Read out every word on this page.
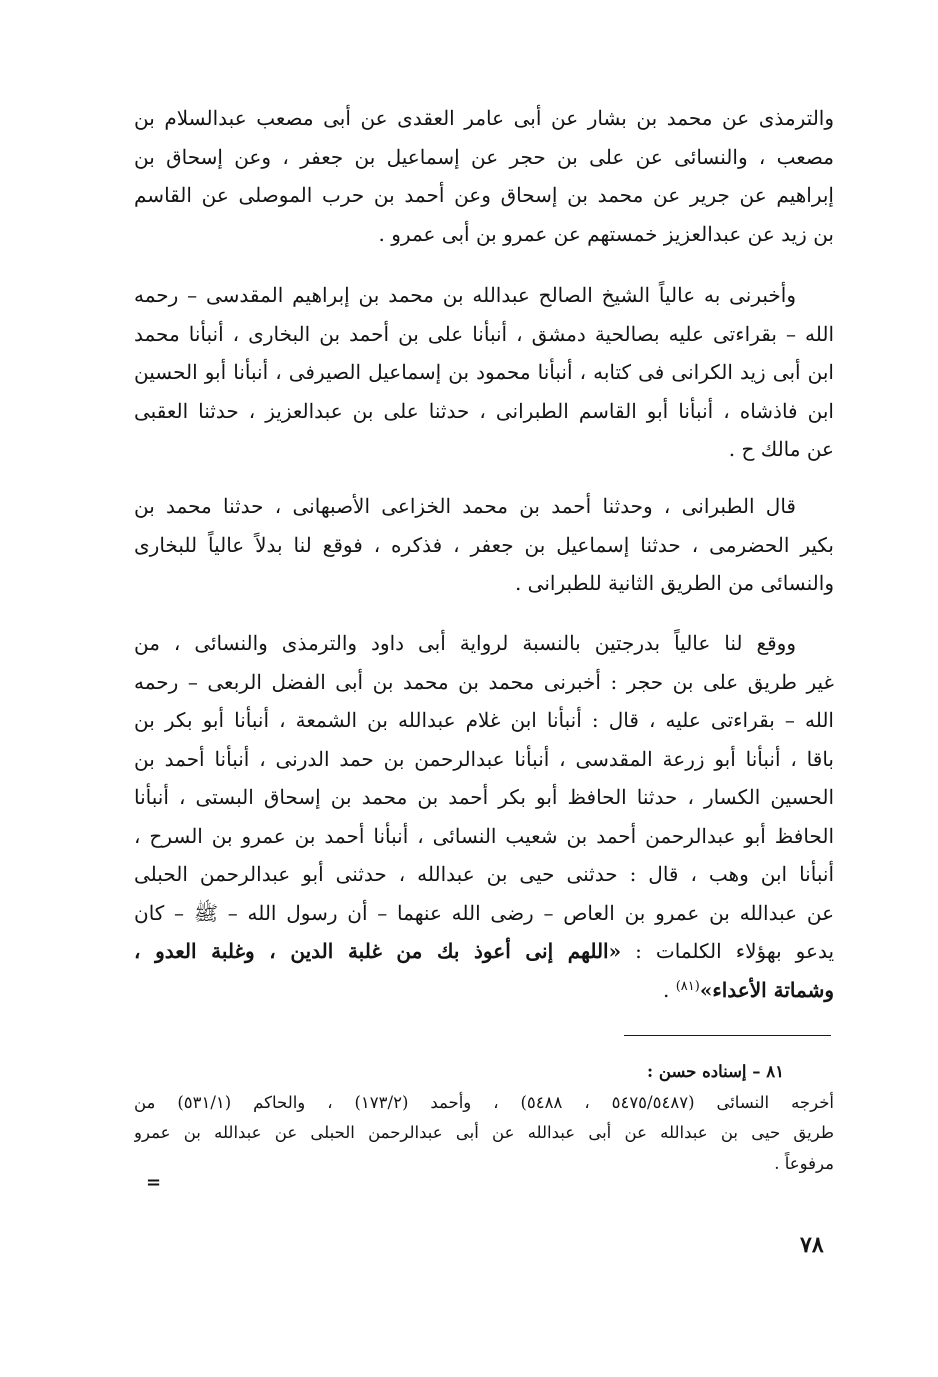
والترمذى عن محمد بن بشار عن أبى عامر العقدى عن أبى مصعب عبدالسلام بن
مصعب ، والنسائى عن على بن حجر عن إسماعيل بن جعفر ، وعن إسحاق بن
إبراهيم عن جرير عن محمد بن إسحاق وعن أحمد بن حرب الموصلى عن القاسم
بن زيد عن عبدالعزيز خمستهم عن عمرو بن أبى عمرو .
وأخبرنى به عالياً الشيخ الصالح عبدالله بن محمد بن إبراهيم المقدسى – رحمه
الله – بقراءتى عليه بصالحية دمشق ، أنبأنا على بن أحمد بن البخارى ، أنبأنا محمد
ابن أبى زيد الكرانى فى كتابه ، أنبأنا محمود بن إسماعيل الصيرفى ، أنبأنا أبو الحسين
ابن فاذشاه ، أنبأنا أبو القاسم الطبرانى ، حدثنا على بن عبدالعزيز ، حدثنا العقبى
عن مالك ح .
قال الطبرانى ، وحدثنا أحمد بن محمد الخزاعى الأصبهانى ، حدثنا محمد بن
بكير الحضرمى ، حدثنا إسماعيل بن جعفر ، فذكره ، فوقع لنا بدلاً عالياً للبخارى
والنسائى من الطريق الثانية للطبرانى .
ووقع لنا عالياً بدرجتين بالنسبة لرواية أبى داود والترمذى والنسائى ، من
غير طريق على بن حجر : أخبرنى محمد بن محمد بن أبى الفضل الربعى – رحمه
الله – بقراءتى عليه ، قال : أنبأنا ابن غلام عبدالله بن الشمعة ، أنبأنا أبو بكر بن
باقا ، أنبأنا أبو زرعة المقدسى ، أنبأنا عبدالرحمن بن حمد الدرنى ، أنبأنا أحمد بن
الحسين الكسار ، حدثنا الحافظ أبو بكر أحمد بن محمد بن إسحاق البستى ، أنبأنا
الحافظ أبو عبدالرحمن أحمد بن شعيب النسائى ، أنبأنا أحمد بن عمرو بن السرح ،
أنبأنا ابن وهب ، قال : حدثنى حيى بن عبدالله ، حدثنى أبو عبدالرحمن الحبلى
عن عبدالله بن عمرو بن العاص – رضى الله عنهما – أن رسول الله – ﷺ – كان
يدعو بهؤلاء الكلمات : «اللهم إنى أعوذ بك من غلبة الدين ، وغلبة العدو ،
وشماتة الأعداء»$^{(٨١)}$ .
٨١ – إسناده حسن :
أخرجه النسائى (٥٤٧٥/٥٤٨٧ ، ٥٤٨٨) ، وأحمد (١٧٣/٢) ، والحاكم (٥٣١/١) من
طريق حيى بن عبدالله عن أبى عبدالله عن أبى عبدالرحمن الحبلى عن عبدالله بن عمرو
مرفوعاً .
=
٧٨
